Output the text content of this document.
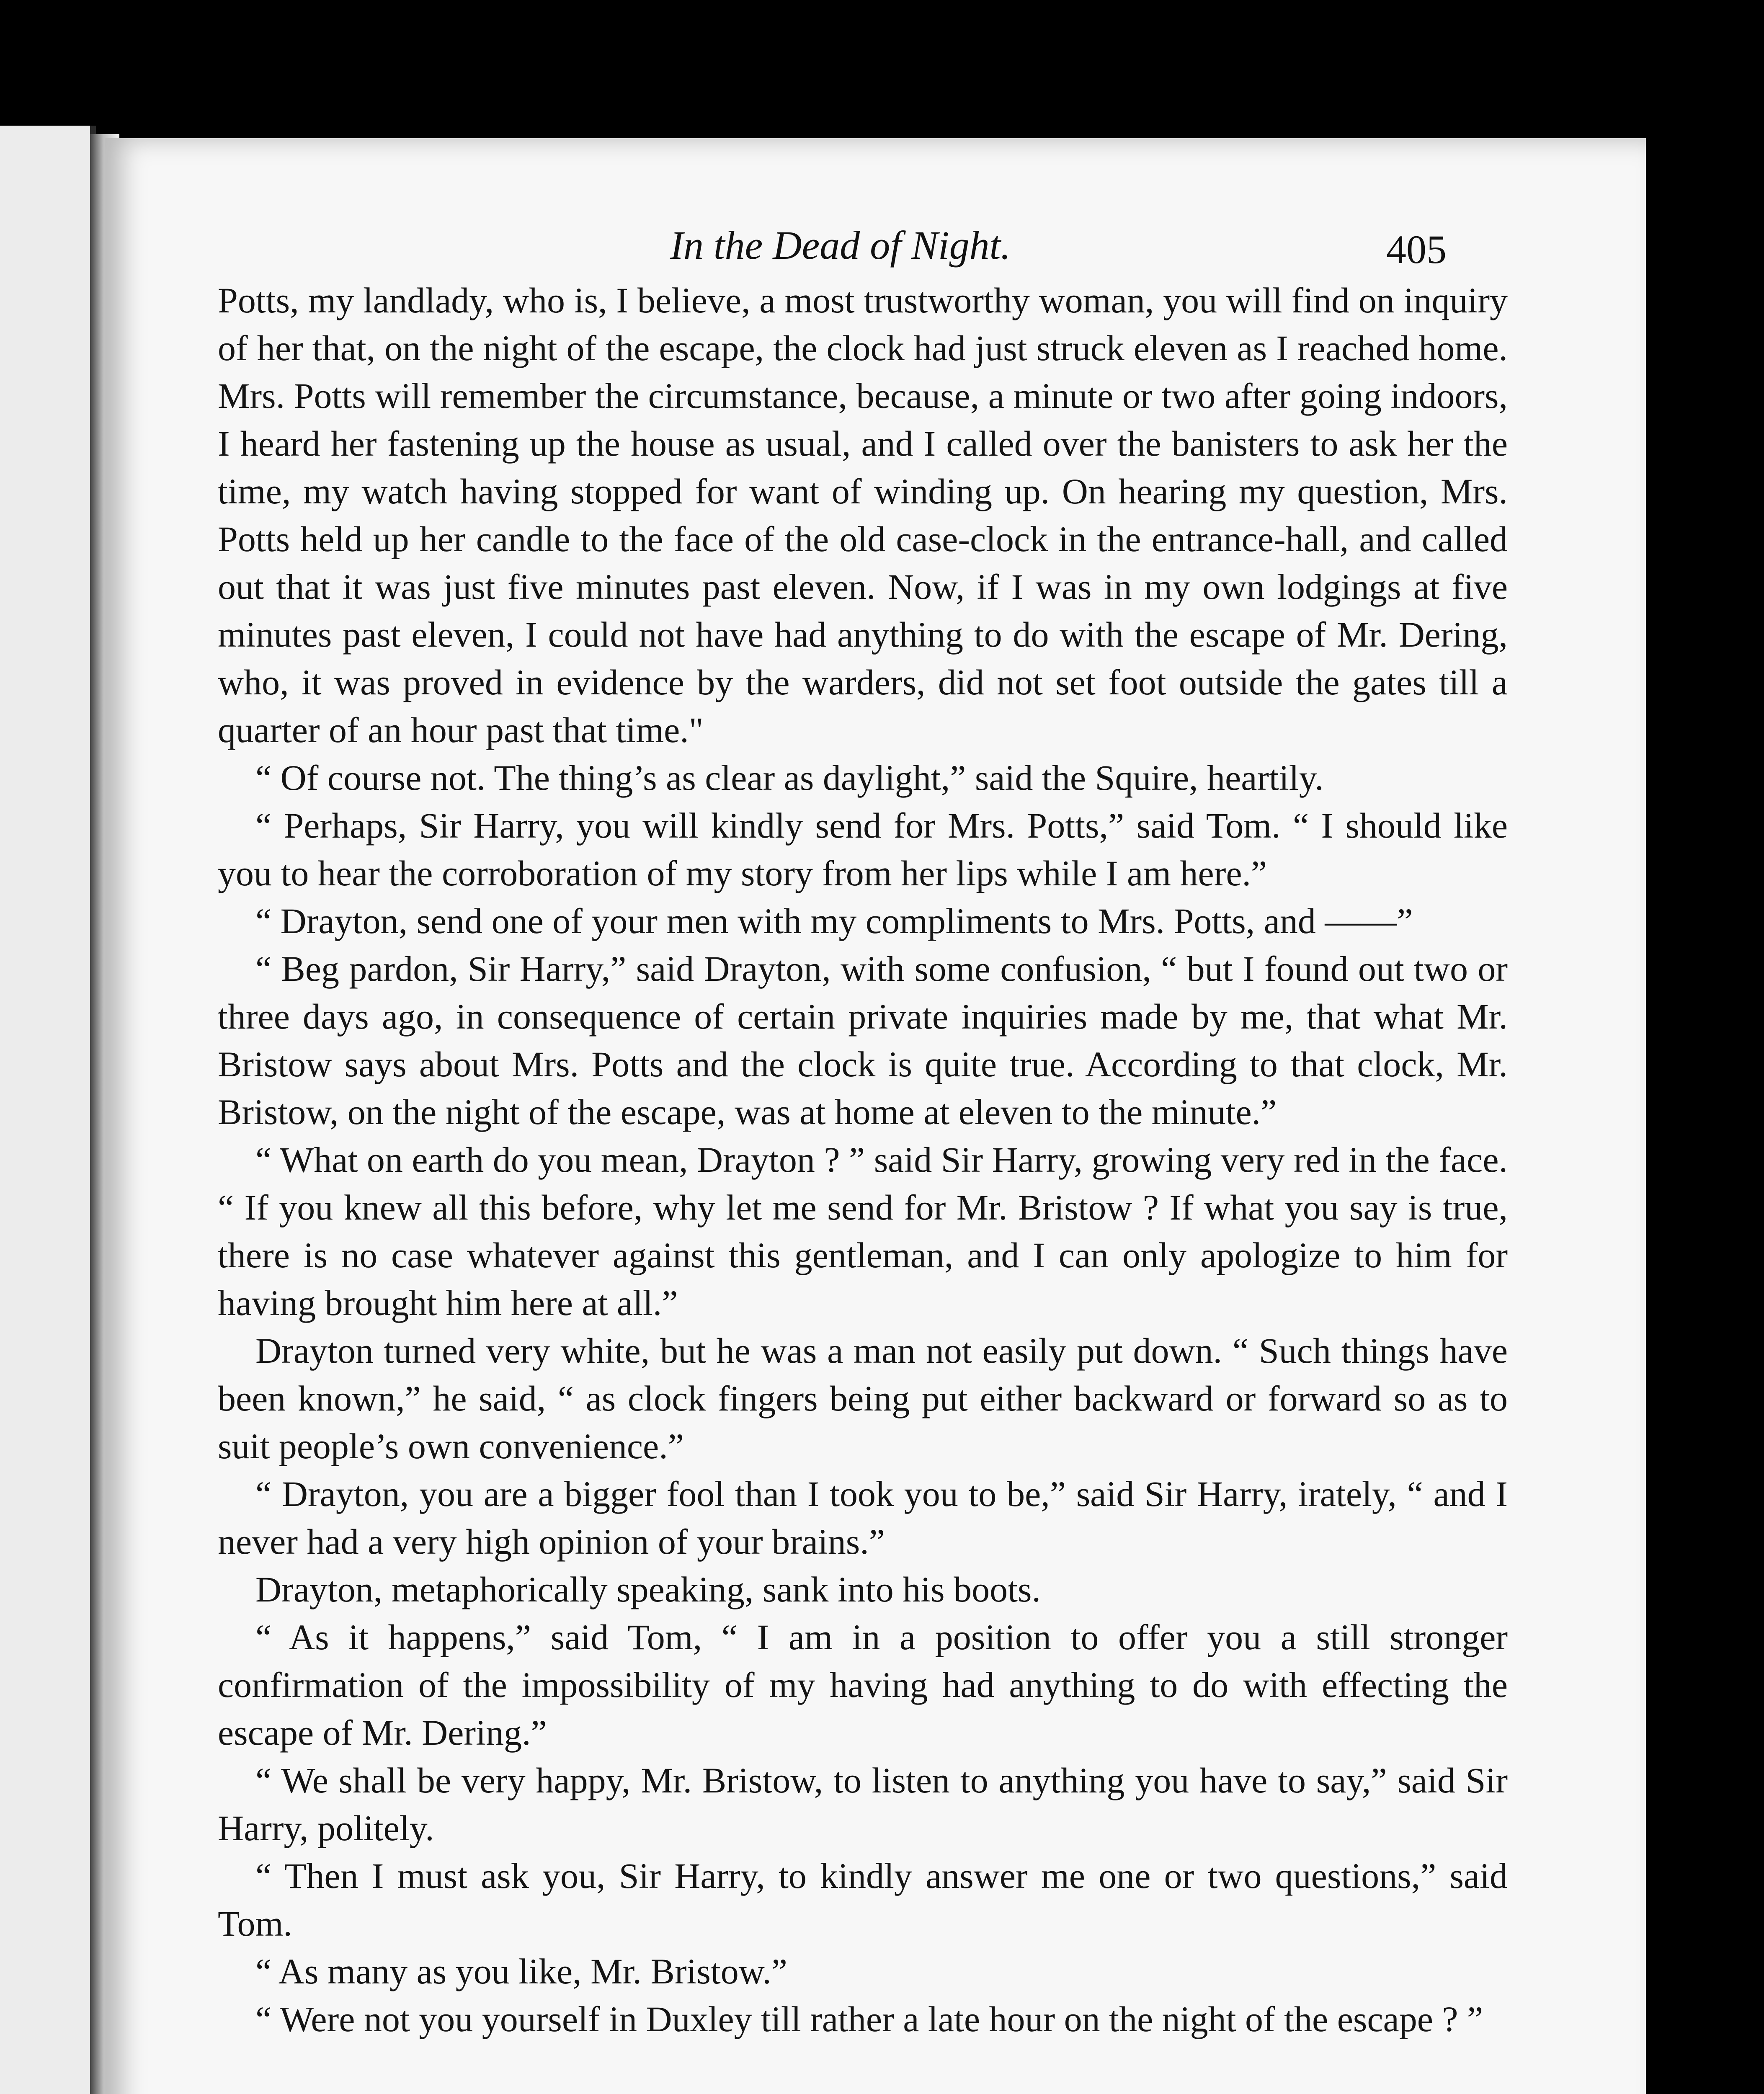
In the Dead of Night.	405

Potts, my landlady, who is, I believe, a most trustworthy woman, you will find on inquiry of her that, on the night of the escape, the clock had just struck eleven as I reached home. Mrs. Potts will remember the circumstance, because, a minute or two after going indoors, I heard her fastening up the house as usual, and I called over the banisters to ask her the time, my watch having stopped for want of winding up. On hearing my question, Mrs. Potts held up her candle to the face of the old case-clock in the entrance-hall, and called out that it was just five minutes past eleven. Now, if I was in my own lodgings at five minutes past eleven, I could not have had anything to do with the escape of Mr. Dering, who, it was proved in evidence by the warders, did not set foot outside the gates till a quarter of an hour past that time."

“ Of course not. The thing’s as clear as daylight,” said the Squire, heartily.

“ Perhaps, Sir Harry, you will kindly send for Mrs. Potts,” said Tom. “ I should like you to hear the corroboration of my story from her lips while I am here.”

“ Drayton, send one of your men with my compliments to Mrs. Potts, and ——”

“ Beg pardon, Sir Harry,” said Drayton, with some confusion, “ but I found out two or three days ago, in consequence of certain private inquiries made by me, that what Mr. Bristow says about Mrs. Potts and the clock is quite true. According to that clock, Mr. Bristow, on the night of the escape, was at home at eleven to the minute.”

“ What on earth do you mean, Drayton ? ” said Sir Harry, growing very red in the face. “ If you knew all this before, why let me send for Mr. Bristow ? If what you say is true, there is no case whatever against this gentleman, and I can only apologize to him for having brought him here at all.”

Drayton turned very white, but he was a man not easily put down. “ Such things have been known,” he said, “ as clock fingers being put either backward or forward so as to suit people’s own convenience.”

“ Drayton, you are a bigger fool than I took you to be,” said Sir Harry, irately, “ and I never had a very high opinion of your brains.”

Drayton, metaphorically speaking, sank into his boots.

“ As it happens,” said Tom, “ I am in a position to offer you a still stronger confirmation of the impossibility of my having had anything to do with effecting the escape of Mr. Dering.”

“ We shall be very happy, Mr. Bristow, to listen to anything you have to say,” said Sir Harry, politely.

“ Then I must ask you, Sir Harry, to kindly answer me one or two questions,” said Tom.

“ As many as you like, Mr. Bristow.”

“ Were not you yourself in Duxley till rather a late hour on the night of the escape ? ”
